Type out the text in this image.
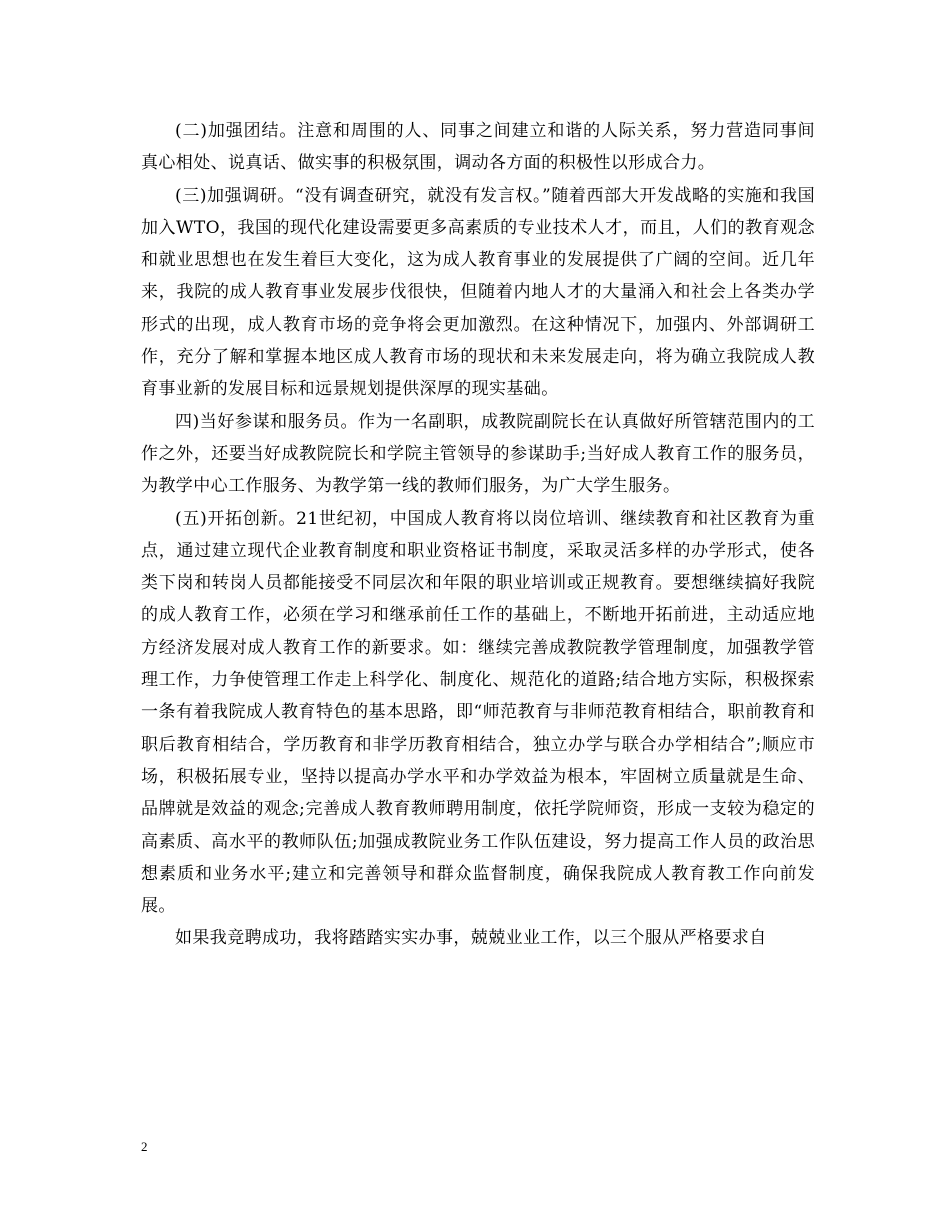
(二)加强团结。注意和周围的人、同事之间建立和谐的人际关系，努力营造同事间真心相处、说真话、做实事的积极氛围，调动各方面的积极性以形成合力。

(三)加强调研。“没有调查研究，就没有发言权。”随着西部大开发战略的实施和我国加入WTO，我国的现代化建设需要更多高素质的专业技术人才，而且，人们的教育观念和就业思想也在发生着巨大变化，这为成人教育事业的发展提供了广阔的空间。近几年来，我院的成人教育事业发展步伐很快，但随着内地人才的大量涌入和社会上各类办学形式的出现，成人教育市场的竞争将会更加激烈。在这种情况下，加强内、外部调研工作，充分了解和掌握本地区成人教育市场的现状和未来发展走向，将为确立我院成人教育事业新的发展目标和远景规划提供深厚的现实基础。

四)当好参谋和服务员。作为一名副职，成教院副院长在认真做好所管辖范围内的工作之外，还要当好成教院院长和学院主管领导的参谋助手;当好成人教育工作的服务员，为教学中心工作服务、为教学第一线的教师们服务，为广大学生服务。

(五)开拓创新。21世纪初，中国成人教育将以岗位培训、继续教育和社区教育为重点，通过建立现代企业教育制度和职业资格证书制度，采取灵活多样的办学形式，使各类下岗和转岗人员都能接受不同层次和年限的职业培训或正规教育。要想继续搞好我院的成人教育工作，必须在学习和继承前任工作的基础上，不断地开拓前进，主动适应地方经济发展对成人教育工作的新要求。如：继续完善成教院教学管理制度，加强教学管理工作，力争使管理工作走上科学化、制度化、规范化的道路;结合地方实际，积极探索一条有着我院成人教育特色的基本思路，即“师范教育与非师范教育相结合，职前教育和职后教育相结合，学历教育和非学历教育相结合，独立办学与联合办学相结合”;顺应市场，积极拓展专业，坚持以提高办学水平和办学效益为根本，牢固树立质量就是生命、品牌就是效益的观念;完善成人教育教师聘用制度，依托学院师资，形成一支较为稳定的高素质、高水平的教师队伍;加强成教院业务工作队伍建设，努力提高工作人员的政治思想素质和业务水平;建立和完善领导和群众监督制度，确保我院成人教育教工作向前发展。

如果我竞聘成功，我将踏踏实实办事，兢兢业业工作，以三个服从严格要求自

2
